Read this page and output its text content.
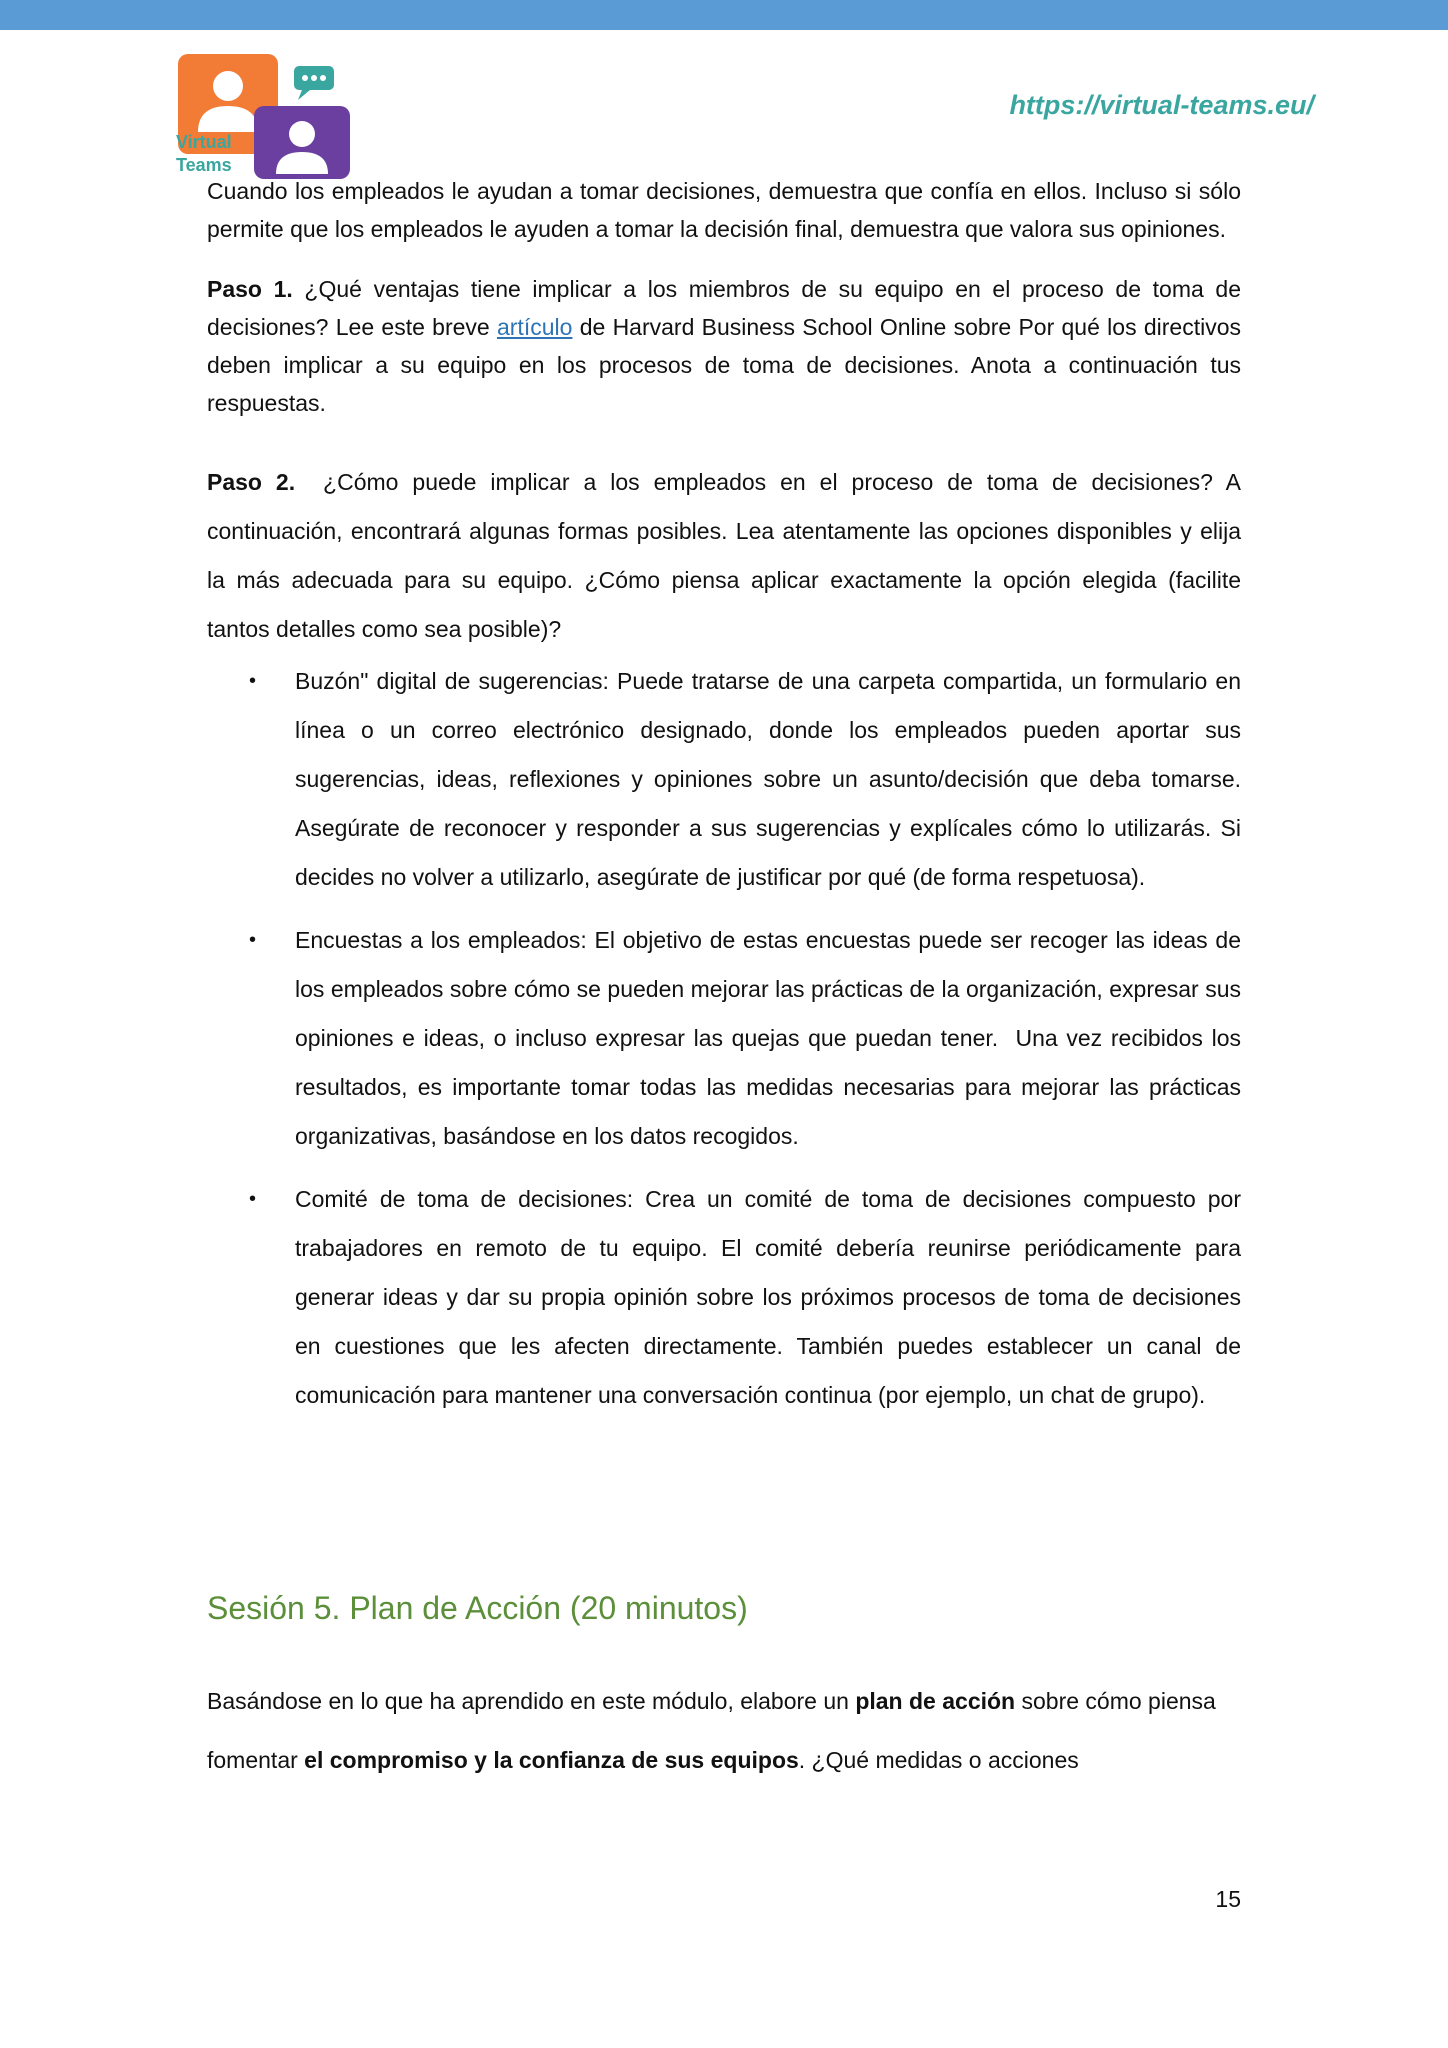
Virtual
Teams
https://virtual-teams.eu/

Cuando los empleados le ayudan a tomar decisiones, demuestra que confía en ellos. Incluso si sólo permite que los empleados le ayuden a tomar la decisión final, demuestra que valora sus opiniones.

Paso 1. ¿Qué ventajas tiene implicar a los miembros de su equipo en el proceso de toma de decisiones? Lee este breve artículo de Harvard Business School Online sobre Por qué los directivos deben implicar a su equipo en los procesos de toma de decisiones. Anota a continuación tus respuestas.

Paso 2.  ¿Cómo puede implicar a los empleados en el proceso de toma de decisiones? A continuación, encontrará algunas formas posibles. Lea atentamente las opciones disponibles y elija la más adecuada para su equipo. ¿Cómo piensa aplicar exactamente la opción elegida (facilite tantos detalles como sea posible)?

• Buzón" digital de sugerencias: Puede tratarse de una carpeta compartida, un formulario en línea o un correo electrónico designado, donde los empleados pueden aportar sus sugerencias, ideas, reflexiones y opiniones sobre un asunto/decisión que deba tomarse. Asegúrate de reconocer y responder a sus sugerencias y explícales cómo lo utilizarás. Si decides no volver a utilizarlo, asegúrate de justificar por qué (de forma respetuosa).
• Encuestas a los empleados: El objetivo de estas encuestas puede ser recoger las ideas de los empleados sobre cómo se pueden mejorar las prácticas de la organización, expresar sus opiniones e ideas, o incluso expresar las quejas que puedan tener.  Una vez recibidos los resultados, es importante tomar todas las medidas necesarias para mejorar las prácticas organizativas, basándose en los datos recogidos.
• Comité de toma de decisiones: Crea un comité de toma de decisiones compuesto por trabajadores en remoto de tu equipo. El comité debería reunirse periódicamente para generar ideas y dar su propia opinión sobre los próximos procesos de toma de decisiones en cuestiones que les afecten directamente. También puedes establecer un canal de comunicación para mantener una conversación continua (por ejemplo, un chat de grupo).
Sesión 5. Plan de Acción (20 minutos)

Basándose en lo que ha aprendido en este módulo, elabore un plan de acción sobre cómo piensa fomentar el compromiso y la confianza de sus equipos. ¿Qué medidas o acciones

15
